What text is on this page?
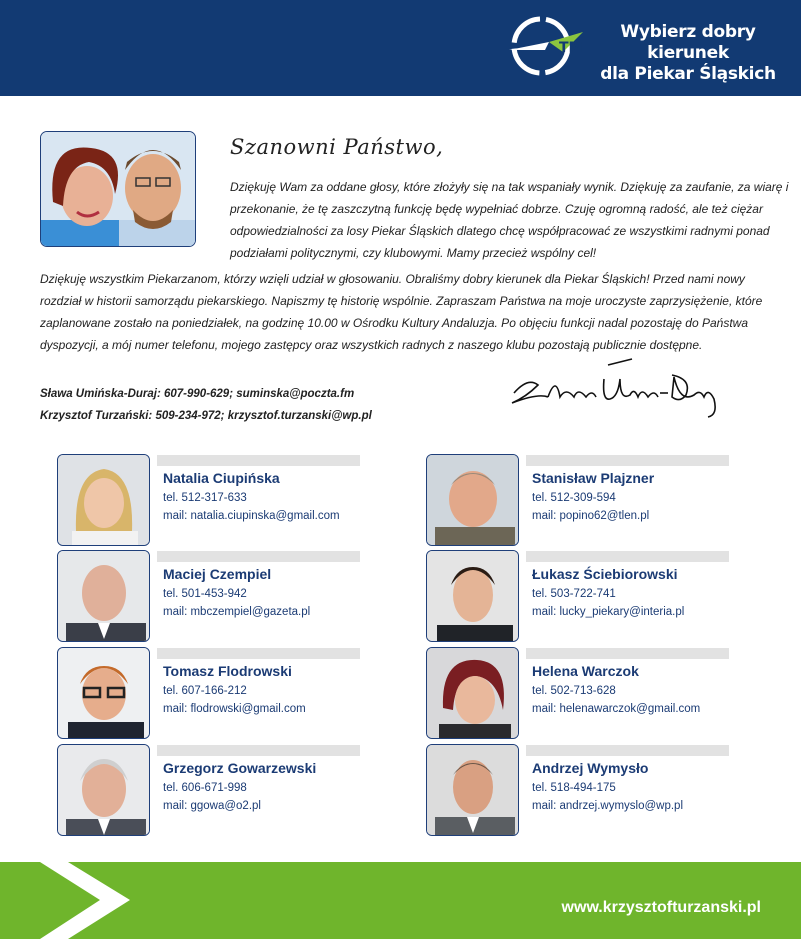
TM
Wybierz dobry kierunek
dla Piekar Śląskich
Szanowni Państwo,

Dziękuję Wam za oddane głosy, które złożyły się na tak wspaniały wynik. Dziękuję za zaufanie, za wiarę i przekonanie, że tę zaszczytną funkcję będę wypełniać dobrze. Czuję ogromną radość, ale też ciężar odpowiedzialności za losy Piekar Śląskich dlatego chcę współpracować ze wszystkimi radnymi ponad podziałami politycznymi, czy klubowymi. Mamy przecież wspólny cel!

Dziękuję wszystkim Piekarzanom, którzy wzięli udział w głosowaniu. Obraliśmy dobry kierunek dla Piekar Śląskich! Przed nami nowy rozdział w historii samorządu piekarskiego. Napiszmy tę historię wspólnie. Zapraszam Państwa na moje uroczyste zaprzysiężenie, które zaplanowane zostało na poniedziałek, na godzinę 10.00 w Ośrodku Kultury Andaluzja. Po objęciu funkcji nadal pozostaję do Państwa dyspozycji, a mój numer telefonu, mojego zastępcy oraz wszystkich radnych z naszego klubu pozostają publicznie dostępne.

Sława Umińska-Duraj: 607-990-629; suminska@poczta.fm
Krzysztof Turzański: 509-234-972; krzysztof.turzanski@wp.pl
Natalia Ciupińska
tel. 512-317-633
mail: natalia.ciupinska@gmail.com
Stanisław Plajzner
tel. 512-309-594
mail: popino62@tlen.pl
Maciej Czempiel
tel. 501-453-942
mail: mbczempiel@gazeta.pl
Łukasz Ściebiorowski
tel. 503-722-741
mail: lucky_piekary@interia.pl
Tomasz Flodrowski
tel. 607-166-212
mail: flodrowski@gmail.com
Helena Warczok
tel. 502-713-628
mail: helenawarczok@gmail.com
Grzegorz Gowarzewski
tel. 606-671-998
mail: ggowa@o2.pl
Andrzej Wymysło
tel. 518-494-175
mail: andrzej.wymyslo@wp.pl
www.krzysztofturzanski.pl
